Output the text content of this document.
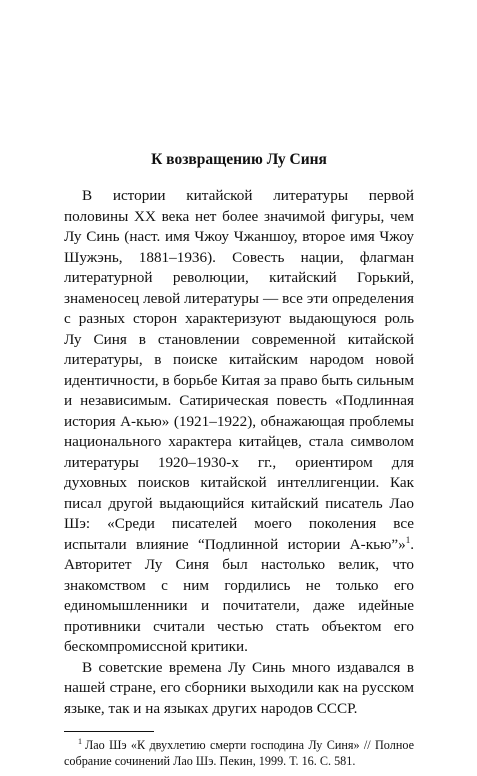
К возвращению Лу Синя

В истории китайской литературы первой половины XX века нет более значимой фигуры, чем Лу Синь (наст. имя Чжоу Чжаншоу, второе имя Чжоу Шужэнь, 1881–1936). Совесть нации, флагман литературной революции, китайский Горький, знаменосец левой литературы — все эти определения с разных сторон характеризуют выдающуюся роль Лу Синя в становлении современной китайской литературы, в поиске китайским народом новой идентичности, в борьбе Китая за право быть сильным и независимым. Сатирическая повесть «Подлинная история А-кью» (1921–1922), обнажающая проблемы национального характера китайцев, стала символом литературы 1920–1930-х гг., ориентиром для духовных поисков китайской интеллигенции. Как писал другой выдающийся китайский писатель Лао Шэ: «Среди писателей моего поколения все испытали влияние “Подлинной истории А-кью”»$^1$. Авторитет Лу Синя был настолько велик, что знакомством с ним гордились не только его единомышленники и почитатели, даже идейные противники считали честью стать объектом его бескомпромиссной критики.

В советские времена Лу Синь много издавался в нашей стране, его сборники выходили как на русском языке, так и на языках других народов СССР.

$^1$ Лао Шэ «К двухлетию смерти господина Лу Синя» // Полное собрание сочинений Лао Шэ. Пекин, 1999. Т. 16. С. 581.
